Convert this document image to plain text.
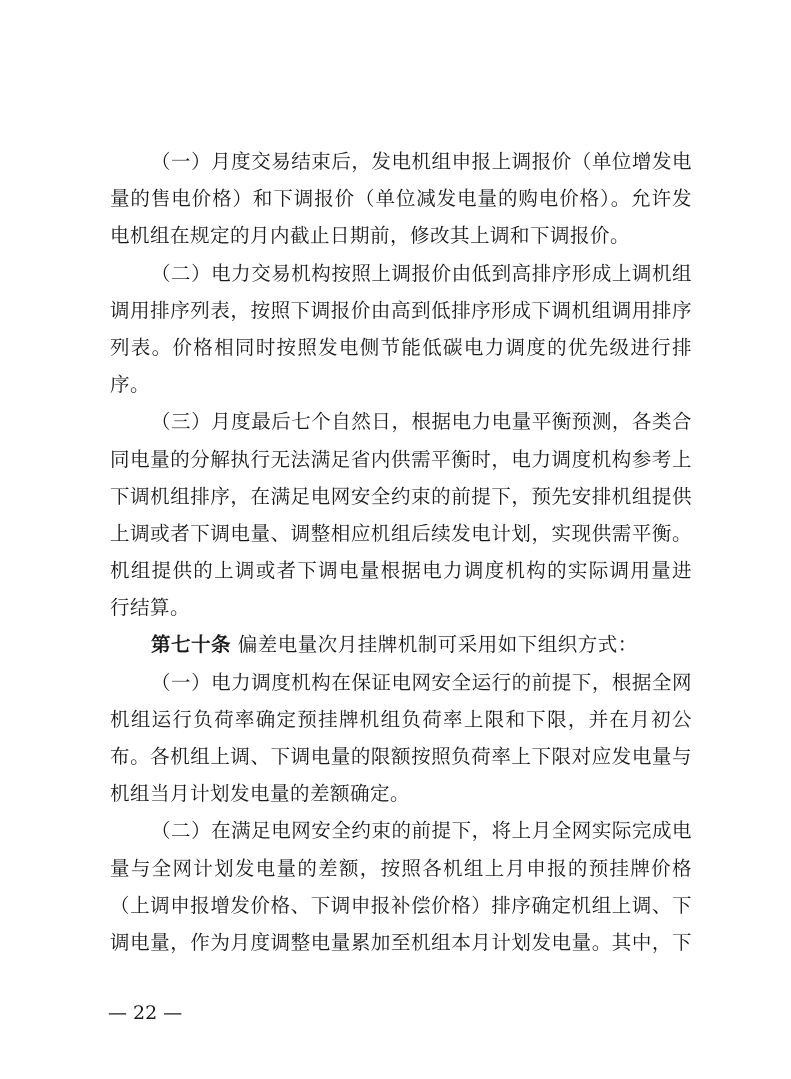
（一）月度交易结束后，发电机组申报上调报价（单位增发电
量的售电价格）和下调报价（单位减发电量的购电价格）。允许发
电机组在规定的月内截止日期前，修改其上调和下调报价。
（二）电力交易机构按照上调报价由低到高排序形成上调机组
调用排序列表，按照下调报价由高到低排序形成下调机组调用排序
列表。价格相同时按照发电侧节能低碳电力调度的优先级进行排
序。
（三）月度最后七个自然日，根据电力电量平衡预测，各类合
同电量的分解执行无法满足省内供需平衡时，电力调度机构参考上
下调机组排序，在满足电网安全约束的前提下，预先安排机组提供
上调或者下调电量、调整相应机组后续发电计划，实现供需平衡。
机组提供的上调或者下调电量根据电力调度机构的实际调用量进
行结算。
第七十条 偏差电量次月挂牌机制可采用如下组织方式：
（一）电力调度机构在保证电网安全运行的前提下，根据全网
机组运行负荷率确定预挂牌机组负荷率上限和下限，并在月初公
布。各机组上调、下调电量的限额按照负荷率上下限对应发电量与
机组当月计划发电量的差额确定。
（二）在满足电网安全约束的前提下，将上月全网实际完成电
量与全网计划发电量的差额，按照各机组上月申报的预挂牌价格
（上调申报增发价格、下调申报补偿价格）排序确定机组上调、下
调电量，作为月度调整电量累加至机组本月计划发电量。其中，下
— 22 —
